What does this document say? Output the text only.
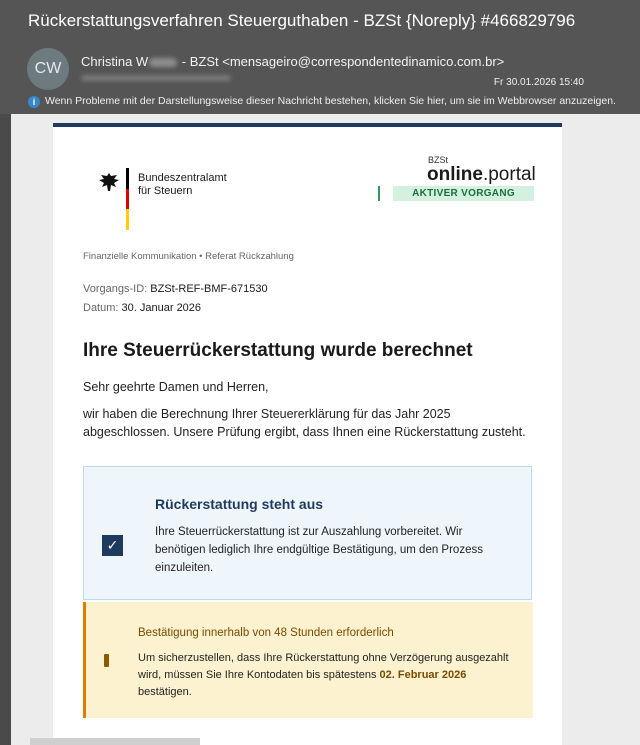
Rückerstattungsverfahren Steuerguthaben - BZSt {Noreply} #466829796
CW	Christina W - BZSt <mensageiro@correspondentedinamico.com.br>
Fr 30.01.2026 15:40
i Wenn Probleme mit der Darstellungsweise dieser Nachricht bestehen, klicken Sie hier, um sie im Webbrowser anzuzeigen.
Bundeszentralamt
für Steuern
BZSt
online.portal
AKTIVER VORGANG
Finanzielle Kommunikation • Referat Rückzahlung
Vorgangs-ID: BZSt-REF-BMF-671530
Datum: 30. Januar 2026
Ihre Steuerrückerstattung wurde berechnet
Sehr geehrte Damen und Herren,
wir haben die Berechnung Ihrer Steuererklärung für das Jahr 2025 abgeschlossen. Unsere Prüfung ergibt, dass Ihnen eine Rückerstattung zusteht.
✓
Rückerstattung steht aus
Ihre Steuerrückerstattung ist zur Auszahlung vorbereitet. Wir benötigen lediglich Ihre endgültige Bestätigung, um den Prozess einzuleiten.
Bestätigung innerhalb von 48 Stunden erforderlich
Um sicherzustellen, dass Ihre Rückerstattung ohne Verzögerung ausgezahlt wird, müssen Sie Ihre Kontodaten bis spätestens 02. Februar 2026 bestätigen.
